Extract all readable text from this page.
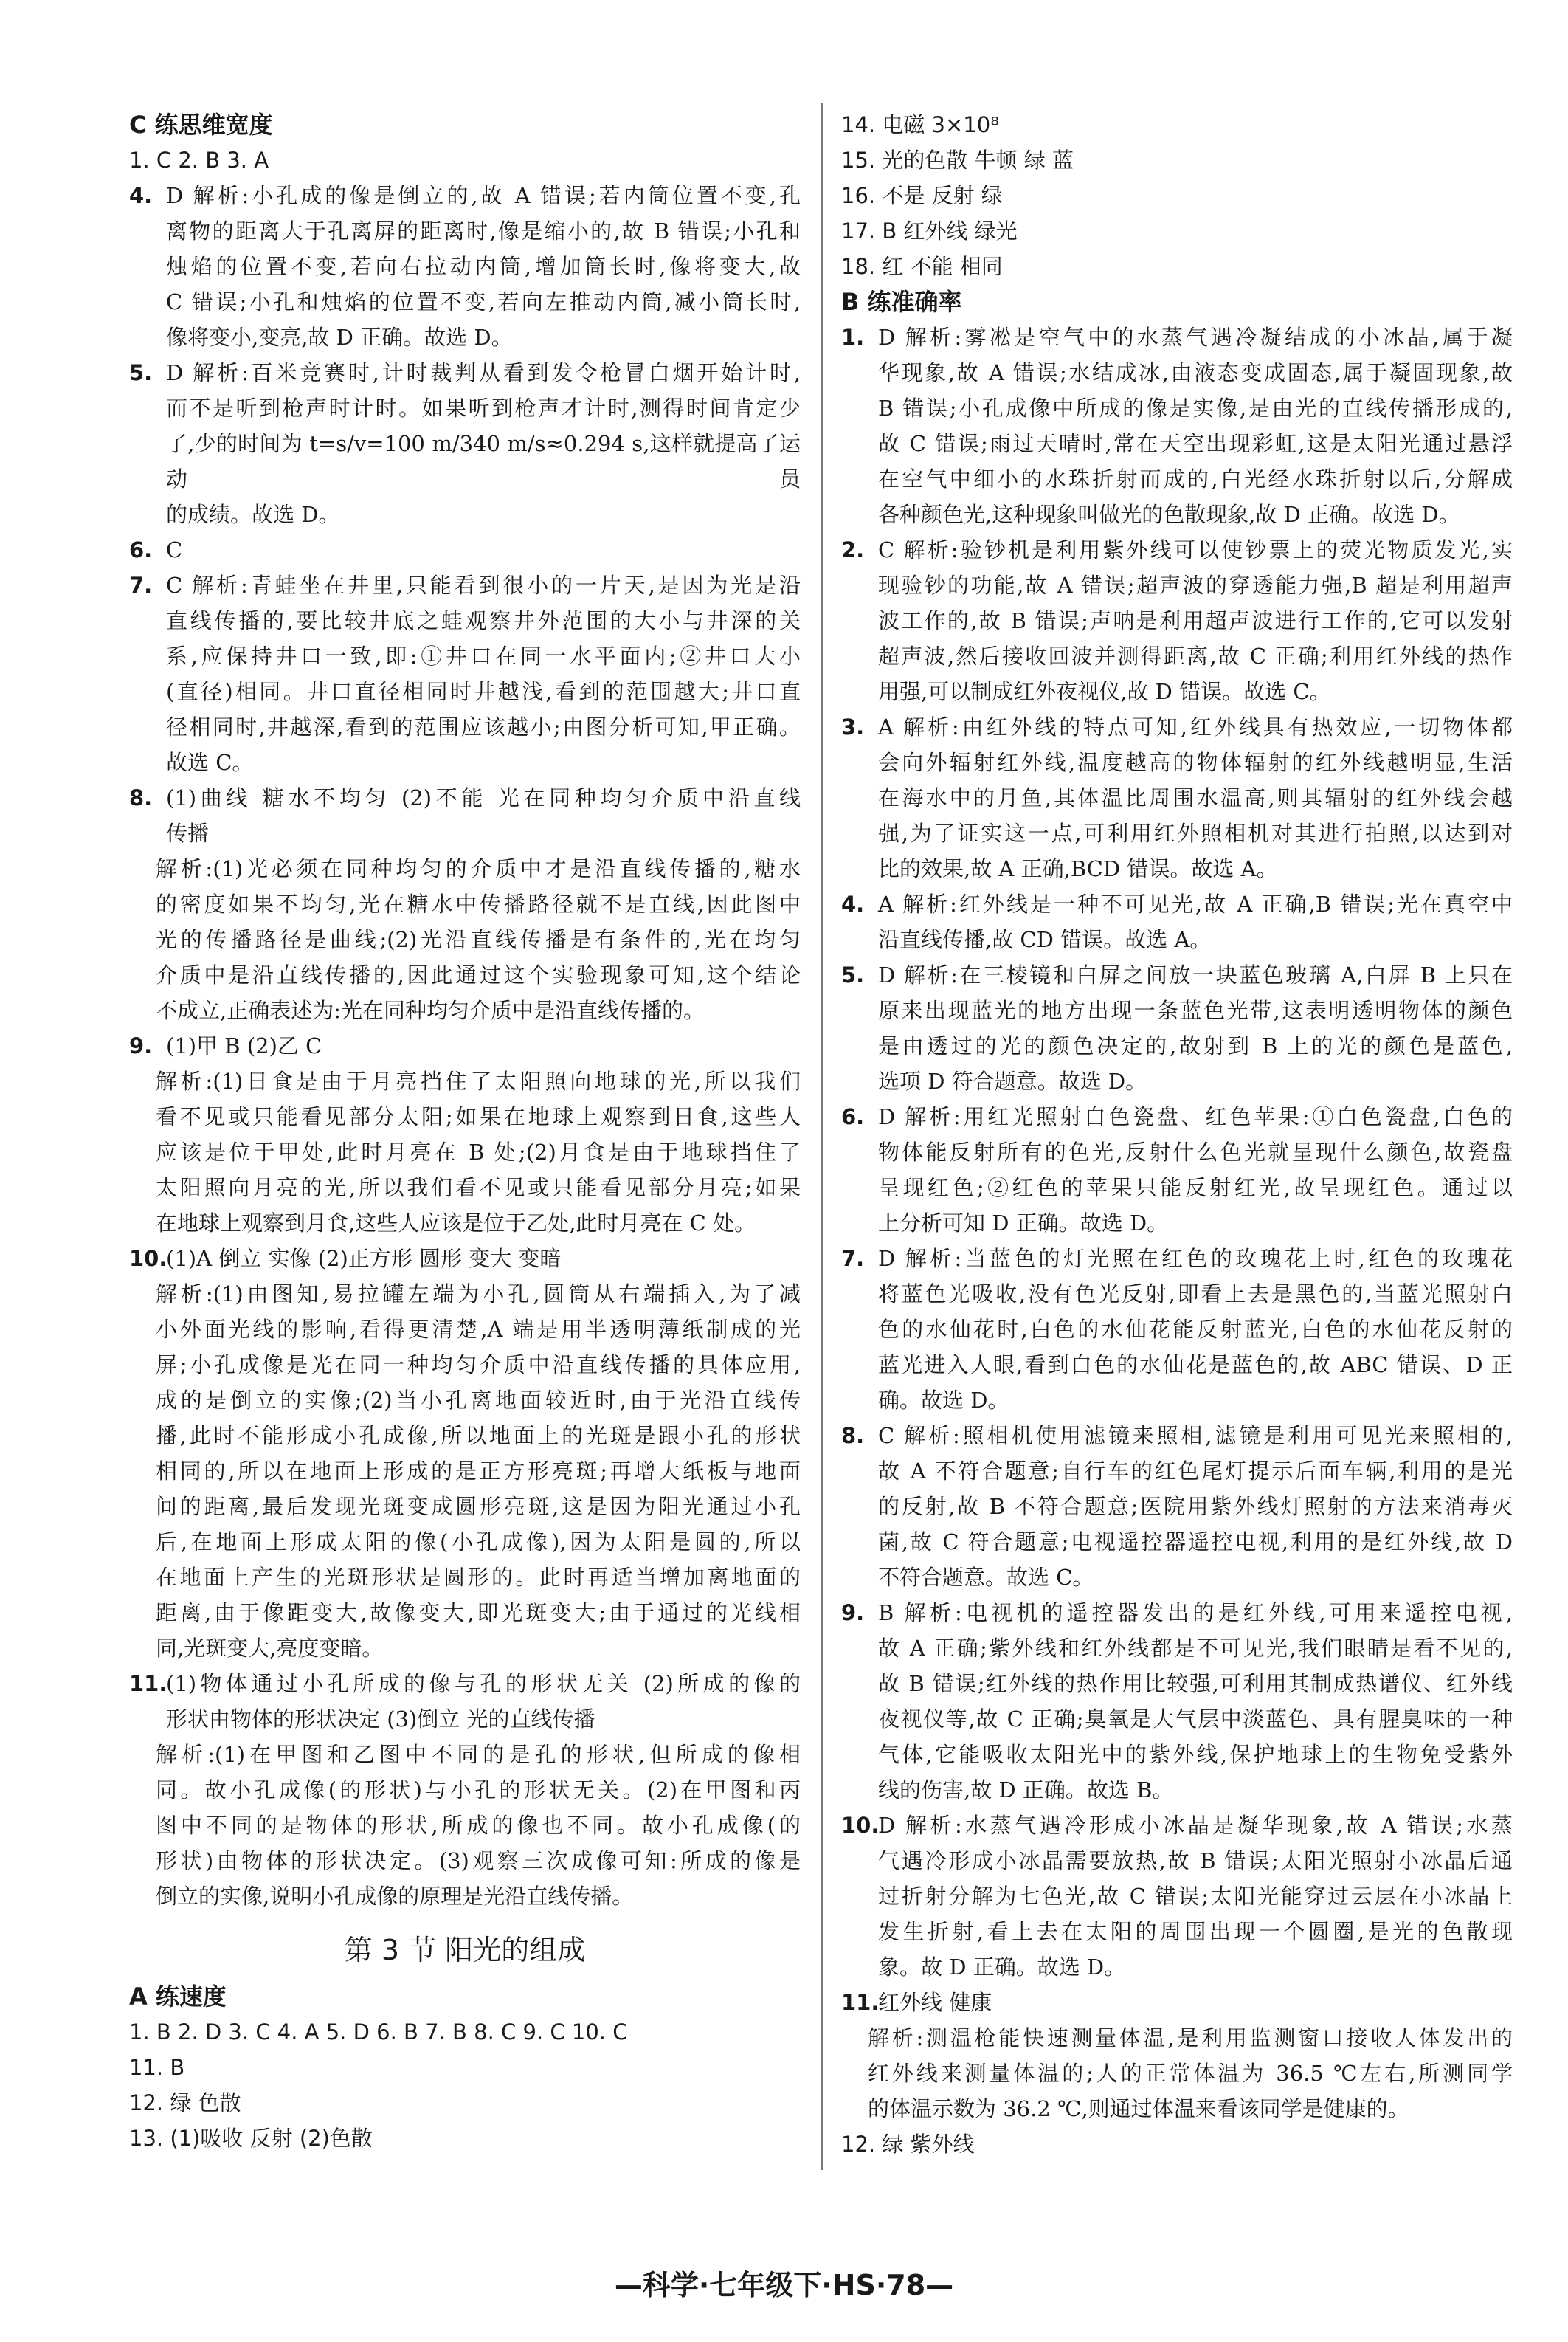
C 练思维宽度
1. C 2. B 3. A
4. D 解析:小孔成的像是倒立的,故 A 错误;若内筒位置不变,孔

离物的距离大于孔离屏的距离时,像是缩小的,故 B 错误;小孔和

烛焰的位置不变,若向右拉动内筒,增加筒长时,像将变大,故

C 错误;小孔和烛焰的位置不变,若向左推动内筒,减小筒长时,

像将变小,变亮,故 D 正确。故选 D。

5. D 解析:百米竞赛时,计时裁判从看到发令枪冒白烟开始计时,

而不是听到枪声时计时。如果听到枪声才计时,测得时间肯定少

了,少的时间为 t=s/v=100 m/340 m/s≈0.294 s,这样就提高了运动员

的成绩。故选 D。

6. C

7. C 解析:青蛙坐在井里,只能看到很小的一片天,是因为光是沿

直线传播的,要比较井底之蛙观察井外范围的大小与井深的关

系,应保持井口一致,即:①井口在同一水平面内;②井口大小

(直径)相同。井口直径相同时井越浅,看到的范围越大;井口直

径相同时,井越深,看到的范围应该越小;由图分析可知,甲正确。

故选 C。

8. (1)曲线 糖水不均匀 (2)不能 光在同种均匀介质中沿直线

传播

解析:(1)光必须在同种均匀的介质中才是沿直线传播的,糖水

的密度如果不均匀,光在糖水中传播路径就不是直线,因此图中

光的传播路径是曲线;(2)光沿直线传播是有条件的,光在均匀

介质中是沿直线传播的,因此通过这个实验现象可知,这个结论

不成立,正确表述为:光在同种均匀介质中是沿直线传播的。

9. (1)甲 B (2)乙 C

解析:(1)日食是由于月亮挡住了太阳照向地球的光,所以我们

看不见或只能看见部分太阳;如果在地球上观察到日食,这些人

应该是位于甲处,此时月亮在 B 处;(2)月食是由于地球挡住了

太阳照向月亮的光,所以我们看不见或只能看见部分月亮;如果

在地球上观察到月食,这些人应该是位于乙处,此时月亮在 C 处。

10.

(1)A 倒立 实像 (2)正方形 圆形 变大 变暗

解析:(1)由图知,易拉罐左端为小孔,圆筒从右端插入,为了减

小外面光线的影响,看得更清楚,A 端是用半透明薄纸制成的光

屏;小孔成像是光在同一种均匀介质中沿直线传播的具体应用,

成的是倒立的实像;(2)当小孔离地面较近时,由于光沿直线传

播,此时不能形成小孔成像,所以地面上的光斑是跟小孔的形状

相同的,所以在地面上形成的是正方形亮斑;再增大纸板与地面

间的距离,最后发现光斑变成圆形亮斑,这是因为阳光通过小孔

后,在地面上形成太阳的像(小孔成像),因为太阳是圆的,所以

在地面上产生的光斑形状是圆形的。此时再适当增加离地面的

距离,由于像距变大,故像变大,即光斑变大;由于通过的光线相

同,光斑变大,亮度变暗。

11.

(1)物体通过小孔所成的像与孔的形状无关 (2)所成的像的

形状由物体的形状决定 (3)倒立 光的直线传播

解析:(1)在甲图和乙图中不同的是孔的形状,但所成的像相

同。故小孔成像(的形状)与小孔的形状无关。(2)在甲图和丙

图中不同的是物体的形状,所成的像也不同。故小孔成像(的

形状)由物体的形状决定。(3)观察三次成像可知:所成的像是

倒立的实像,说明小孔成像的原理是光沿直线传播。

第 3 节 阳光的组成
A 练速度
1. B 2. D 3. C 4. A 5. D 6. B 7. B 8. C 9. C 10. C
11. B
12. 绿 色散
13. (1)吸收 反射 (2)色散
14. 电磁 3×10⁸
15. 光的色散 牛顿 绿 蓝
16. 不是 反射 绿
17. B 红外线 绿光
18. 红 不能 相同
B 练准确率
1. D 解析:雾凇是空气中的水蒸气遇冷凝结成的小冰晶,属于凝

华现象,故 A 错误;水结成冰,由液态变成固态,属于凝固现象,故

B 错误;小孔成像中所成的像是实像,是由光的直线传播形成的,

故 C 错误;雨过天晴时,常在天空出现彩虹,这是太阳光通过悬浮

在空气中细小的水珠折射而成的,白光经水珠折射以后,分解成

各种颜色光,这种现象叫做光的色散现象,故 D 正确。故选 D。

2. C 解析:验钞机是利用紫外线可以使钞票上的荧光物质发光,实

现验钞的功能,故 A 错误;超声波的穿透能力强,B 超是利用超声

波工作的,故 B 错误;声呐是利用超声波进行工作的,它可以发射

超声波,然后接收回波并测得距离,故 C 正确;利用红外线的热作

用强,可以制成红外夜视仪,故 D 错误。故选 C。

3. A 解析:由红外线的特点可知,红外线具有热效应,一切物体都

会向外辐射红外线,温度越高的物体辐射的红外线越明显,生活

在海水中的月鱼,其体温比周围水温高,则其辐射的红外线会越

强,为了证实这一点,可利用红外照相机对其进行拍照,以达到对

比的效果,故 A 正确,BCD 错误。故选 A。

4. A 解析:红外线是一种不可见光,故 A 正确,B 错误;光在真空中

沿直线传播,故 CD 错误。故选 A。

5. D 解析:在三棱镜和白屏之间放一块蓝色玻璃 A,白屏 B 上只在

原来出现蓝光的地方出现一条蓝色光带,这表明透明物体的颜色

是由透过的光的颜色决定的,故射到 B 上的光的颜色是蓝色,

选项 D 符合题意。故选 D。

6. D 解析:用红光照射白色瓷盘、红色苹果:①白色瓷盘,白色的

物体能反射所有的色光,反射什么色光就呈现什么颜色,故瓷盘

呈现红色;②红色的苹果只能反射红光,故呈现红色。通过以

上分析可知 D 正确。故选 D。

7. D 解析:当蓝色的灯光照在红色的玫瑰花上时,红色的玫瑰花

将蓝色光吸收,没有色光反射,即看上去是黑色的,当蓝光照射白

色的水仙花时,白色的水仙花能反射蓝光,白色的水仙花反射的

蓝光进入人眼,看到白色的水仙花是蓝色的,故 ABC 错误、D 正

确。故选 D。

8. C 解析:照相机使用滤镜来照相,滤镜是利用可见光来照相的,

故 A 不符合题意;自行车的红色尾灯提示后面车辆,利用的是光

的反射,故 B 不符合题意;医院用紫外线灯照射的方法来消毒灭

菌,故 C 符合题意;电视遥控器遥控电视,利用的是红外线,故 D

不符合题意。故选 C。

9. B 解析:电视机的遥控器发出的是红外线,可用来遥控电视,

故 A 正确;紫外线和红外线都是不可见光,我们眼睛是看不见的,

故 B 错误;红外线的热作用比较强,可利用其制成热谱仪、红外线

夜视仪等,故 C 正确;臭氧是大气层中淡蓝色、具有腥臭味的一种

气体,它能吸收太阳光中的紫外线,保护地球上的生物免受紫外

线的伤害,故 D 正确。故选 B。

10.

D 解析:水蒸气遇冷形成小冰晶是凝华现象,故 A 错误;水蒸

气遇冷形成小冰晶需要放热,故 B 错误;太阳光照射小冰晶后通

过折射分解为七色光,故 C 错误;太阳光能穿过云层在小冰晶上

发生折射,看上去在太阳的周围出现一个圆圈,是光的色散现

象。故 D 正确。故选 D。

11.

红外线 健康

解析:测温枪能快速测量体温,是利用监测窗口接收人体发出的

红外线来测量体温的;人的正常体温为 36.5 ℃左右,所测同学

的体温示数为 36.2 ℃,则通过体温来看该同学是健康的。

12. 绿 紫外线
—科学·七年级下·HS·78—
